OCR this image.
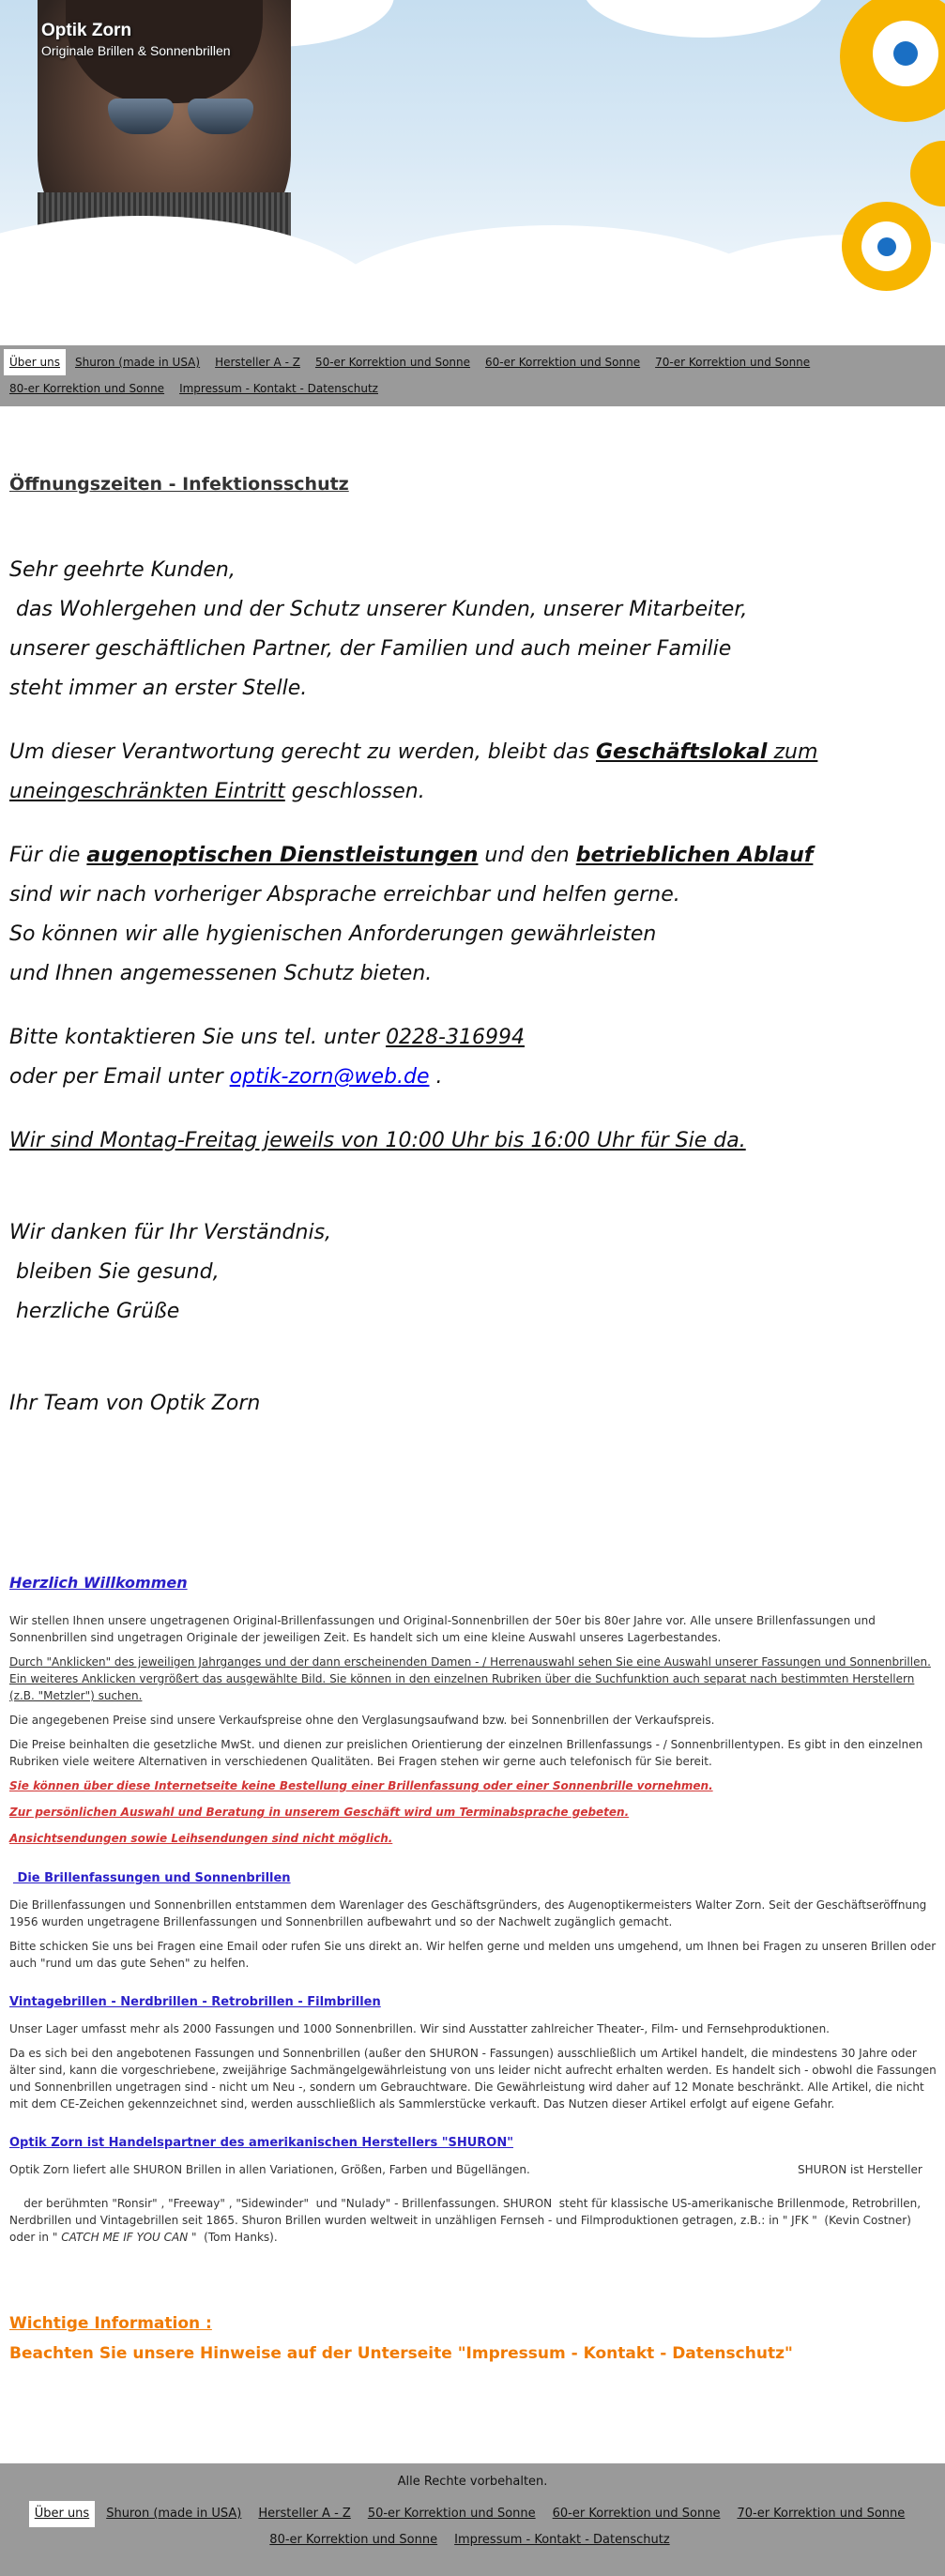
Optik Zorn
Originale Brillen & Sonnenbrillen
Über uns	Shuron (made in USA)	Hersteller A - Z	50-er Korrektion und Sonne	60-er Korrektion und Sonne	70-er Korrektion und Sonne
80-er Korrektion und Sonne	Impressum - Kontakt - Datenschutz
Öffnungszeiten - Infektionsschutz
Sehr geehrte Kunden,
das Wohlergehen und der Schutz unserer Kunden, unserer Mitarbeiter,
unserer geschäftlichen Partner, der Familien und auch meiner Familie
steht immer an erster Stelle.
Um dieser Verantwortung gerecht zu werden, bleibt das Geschäftslokal zum
uneingeschränkten Eintritt geschlossen.
Für die augenoptischen Dienstleistungen und den betrieblichen Ablauf
sind wir nach vorheriger Absprache erreichbar und helfen gerne.
So können wir alle hygienischen Anforderungen gewährleisten
und Ihnen angemessenen Schutz bieten.
Bitte kontaktieren Sie uns tel. unter 0228-316994
oder per Email unter optik-zorn@web.de .
Wir sind Montag-Freitag jeweils von 10:00 Uhr bis 16:00 Uhr für Sie da.
Wir danken für Ihr Verständnis,
bleiben Sie gesund,
herzliche Grüße
Ihr Team von Optik Zorn
Herzlich Willkommen

Wir stellen Ihnen unsere ungetragenen Original-Brillenfassungen und Original-Sonnenbrillen der 50er bis 80er Jahre vor. Alle unsere Brillenfassungen und Sonnenbrillen sind ungetragen Originale der jeweiligen Zeit. Es handelt sich um eine kleine Auswahl unseres Lagerbestandes.

Durch "Anklicken" des jeweiligen Jahrganges und der dann erscheinenden Damen - / Herrenauswahl sehen Sie eine Auswahl unserer Fassungen und Sonnenbrillen. Ein weiteres Anklicken vergrößert das ausgewählte Bild. Sie können in den einzelnen Rubriken über die Suchfunktion auch separat nach bestimmten Herstellern (z.B. "Metzler") suchen.

Die angegebenen Preise sind unsere Verkaufspreise ohne den Verglasungsaufwand bzw. bei Sonnenbrillen der Verkaufspreis.

Die Preise beinhalten die gesetzliche MwSt. und dienen zur preislichen Orientierung der einzelnen Brillenfassungs - / Sonnenbrillentypen. Es gibt in den einzelnen Rubriken viele weitere Alternativen in verschiedenen Qualitäten. Bei Fragen stehen wir gerne auch telefonisch für Sie bereit.

Sie können über diese Internetseite keine Bestellung einer Brillenfassung oder einer Sonnenbrille vornehmen.

Zur persönlichen Auswahl und Beratung in unserem Geschäft wird um Terminabsprache gebeten.

Ansichtsendungen sowie Leihsendungen sind nicht möglich.

Die Brillenfassungen und Sonnenbrillen

Die Brillenfassungen und Sonnenbrillen entstammen dem Warenlager des Geschäftsgründers, des Augenoptikermeisters Walter Zorn. Seit der Geschäftseröffnung 1956 wurden ungetragene Brillenfassungen und Sonnenbrillen aufbewahrt und so der Nachwelt zugänglich gemacht.

Bitte schicken Sie uns bei Fragen eine Email oder rufen Sie uns direkt an. Wir helfen gerne und melden uns umgehend, um Ihnen bei Fragen zu unseren Brillen oder auch "rund um das gute Sehen" zu helfen.

Vintagebrillen - Nerdbrillen - Retrobrillen - Filmbrillen

Unser Lager umfasst mehr als 2000 Fassungen und 1000 Sonnenbrillen. Wir sind Ausstatter zahlreicher Theater-, Film- und Fernsehproduktionen.

Da es sich bei den angebotenen Fassungen und Sonnenbrillen (außer den SHURON - Fassungen) ausschließlich um Artikel handelt, die mindestens 30 Jahre oder älter sind, kann die vorgeschriebene, zweijährige Sachmängelgewährleistung von uns leider nicht aufrecht erhalten werden. Es handelt sich - obwohl die Fassungen und Sonnenbrillen ungetragen sind - nicht um Neu -, sondern um Gebrauchtware. Die Gewährleistung wird daher auf 12 Monate beschränkt. Alle Artikel, die nicht mit dem CE-Zeichen gekennzeichnet sind, werden ausschließlich als Sammlerstücke verkauft. Das Nutzen dieser Artikel erfolgt auf eigene Gefahr.

Optik Zorn ist Handelspartner des amerikanischen Herstellers "SHURON"
Optik Zorn liefert alle SHURON Brillen in allen Variationen, Größen, Farben und Bügellängen.	SHURON ist Hersteller

der berühmten "Ronsir" , "Freeway" , "Sidewinder"  und "Nulady" - Brillenfassungen. SHURON  steht für klassische US-amerikanische Brillenmode, Retrobrillen, Nerdbrillen und Vintagebrillen seit 1865. Shuron Brillen wurden weltweit in unzähligen Fernseh - und Filmproduktionen getragen, z.B.: in " JFK "  (Kevin Costner) oder in " CATCH ME IF YOU CAN "  (Tom Hanks).

Wichtige Information :
Beachten Sie unsere Hinweise auf der Unterseite "Impressum - Kontakt - Datenschutz"
Alle Rechte vorbehalten.
Über uns	Shuron (made in USA)	Hersteller A - Z	50-er Korrektion und Sonne	60-er Korrektion und Sonne	70-er Korrektion und Sonne
80-er Korrektion und Sonne	Impressum - Kontakt - Datenschutz
